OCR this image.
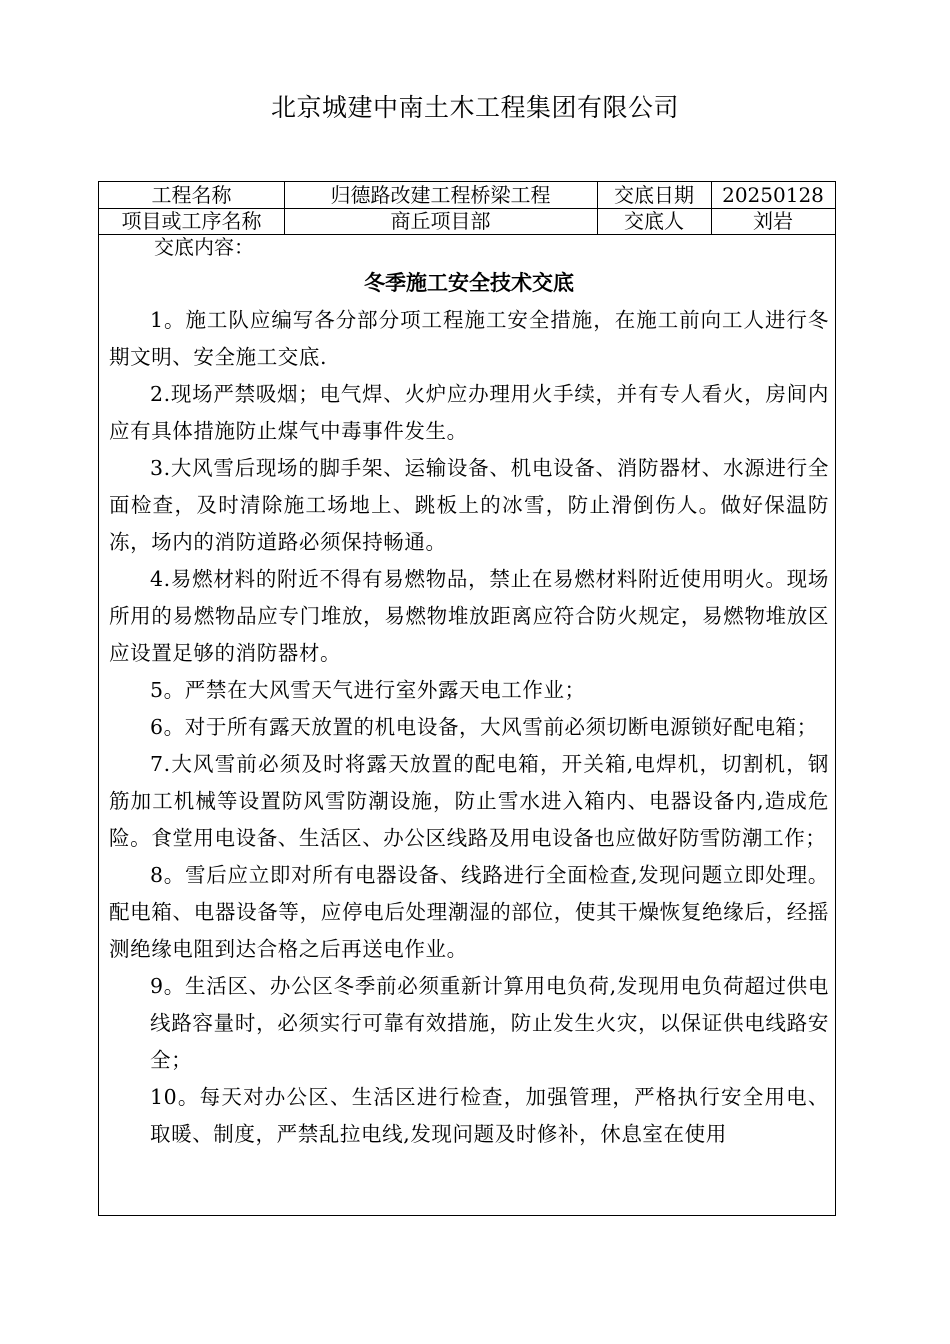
北京城建中南土木工程集团有限公司
工程名称	归德路改建工程桥梁工程	交底日期	20250128
项目或工序名称	商丘项目部	交底人	刘岩

交底内容：

冬季施工安全技术交底

1。施工队应编写各分部分项工程施工安全措施，在施工前向工人进行冬期文明、安全施工交底.

2.现场严禁吸烟；电气焊、火炉应办理用火手续，并有专人看火，房间内应有具体措施防止煤气中毒事件发生。

3.大风雪后现场的脚手架、运输设备、机电设备、消防器材、水源进行全面检查，及时清除施工场地上、跳板上的冰雪，防止滑倒伤人。做好保温防冻，场内的消防道路必须保持畅通。

4.易燃材料的附近不得有易燃物品，禁止在易燃材料附近使用明火。现场所用的易燃物品应专门堆放，易燃物堆放距离应符合防火规定，易燃物堆放区应设置足够的消防器材。

5。严禁在大风雪天气进行室外露天电工作业；

6。对于所有露天放置的机电设备，大风雪前必须切断电源锁好配电箱；

7.大风雪前必须及时将露天放置的配电箱，开关箱,电焊机，切割机，钢筋加工机械等设置防风雪防潮设施，防止雪水进入箱内、电器设备内,造成危险。食堂用电设备、生活区、办公区线路及用电设备也应做好防雪防潮工作；

8。雪后应立即对所有电器设备、线路进行全面检查,发现问题立即处理。配电箱、电器设备等，应停电后处理潮湿的部位，使其干燥恢复绝缘后，经摇测绝缘电阻到达合格之后再送电作业。

9。生活区、办公区冬季前必须重新计算用电负荷,发现用电负荷超过供电线路容量时，必须实行可靠有效措施，防止发生火灾，以保证供电线路安全；

10。每天对办公区、生活区进行检查，加强管理，严格执行安全用电、取暖、制度，严禁乱拉电线,发现问题及时修补，休息室在使用
